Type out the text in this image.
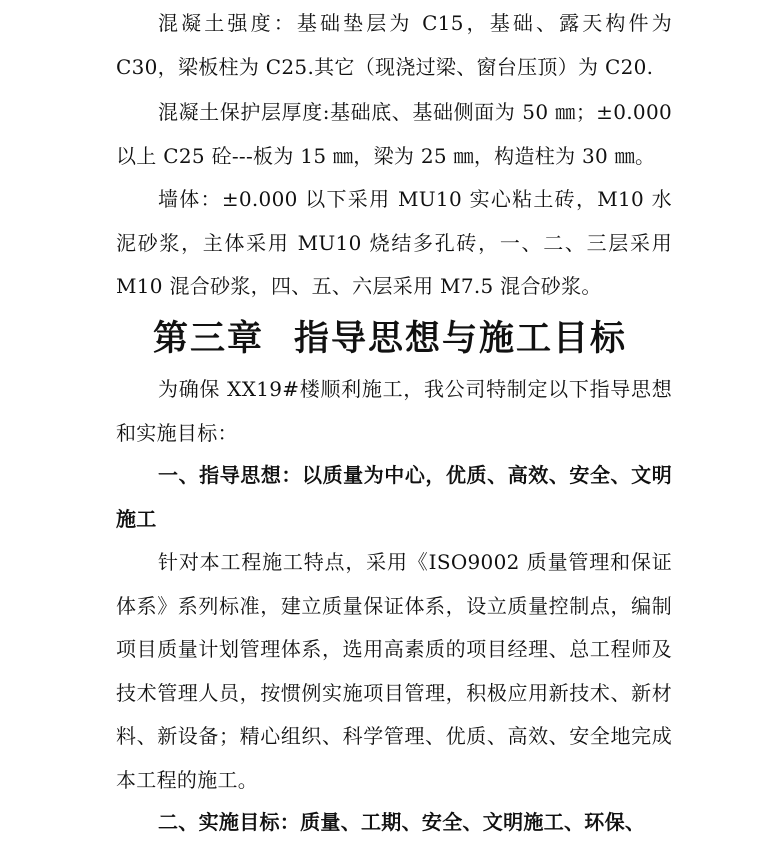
混凝土强度：基础垫层为 C15，基础、露天构件为 C30，梁板柱为 C25.其它（现浇过梁、窗台压顶）为 C20.

混凝土保护层厚度:基础底、基础侧面为 50 ㎜；±0.000 以上 C25 砼---板为 15 ㎜，梁为 25 ㎜，构造柱为 30 ㎜。

墙体：±0.000 以下采用 MU10 实心粘土砖，M10 水泥砂浆，主体采用 MU10 烧结多孔砖，一、二、三层采用 M10 混合砂浆，四、五、六层采用 M7.5 混合砂浆。

第三章 指导思想与施工目标

为确保 XX19#楼顺利施工，我公司特制定以下指导思想和实施目标：

一、指导思想：以质量为中心，优质、高效、安全、文明施工

针对本工程施工特点，采用《ISO9002 质量管理和保证体系》系列标准，建立质量保证体系，设立质量控制点，编制项目质量计划管理体系，选用高素质的项目经理、总工程师及技术管理人员，按惯例实施项目管理，积极应用新技术、新材料、新设备；精心组织、科学管理、优质、高效、安全地完成本工程的施工。

二、实施目标：质量、工期、安全、文明施工、环保、
